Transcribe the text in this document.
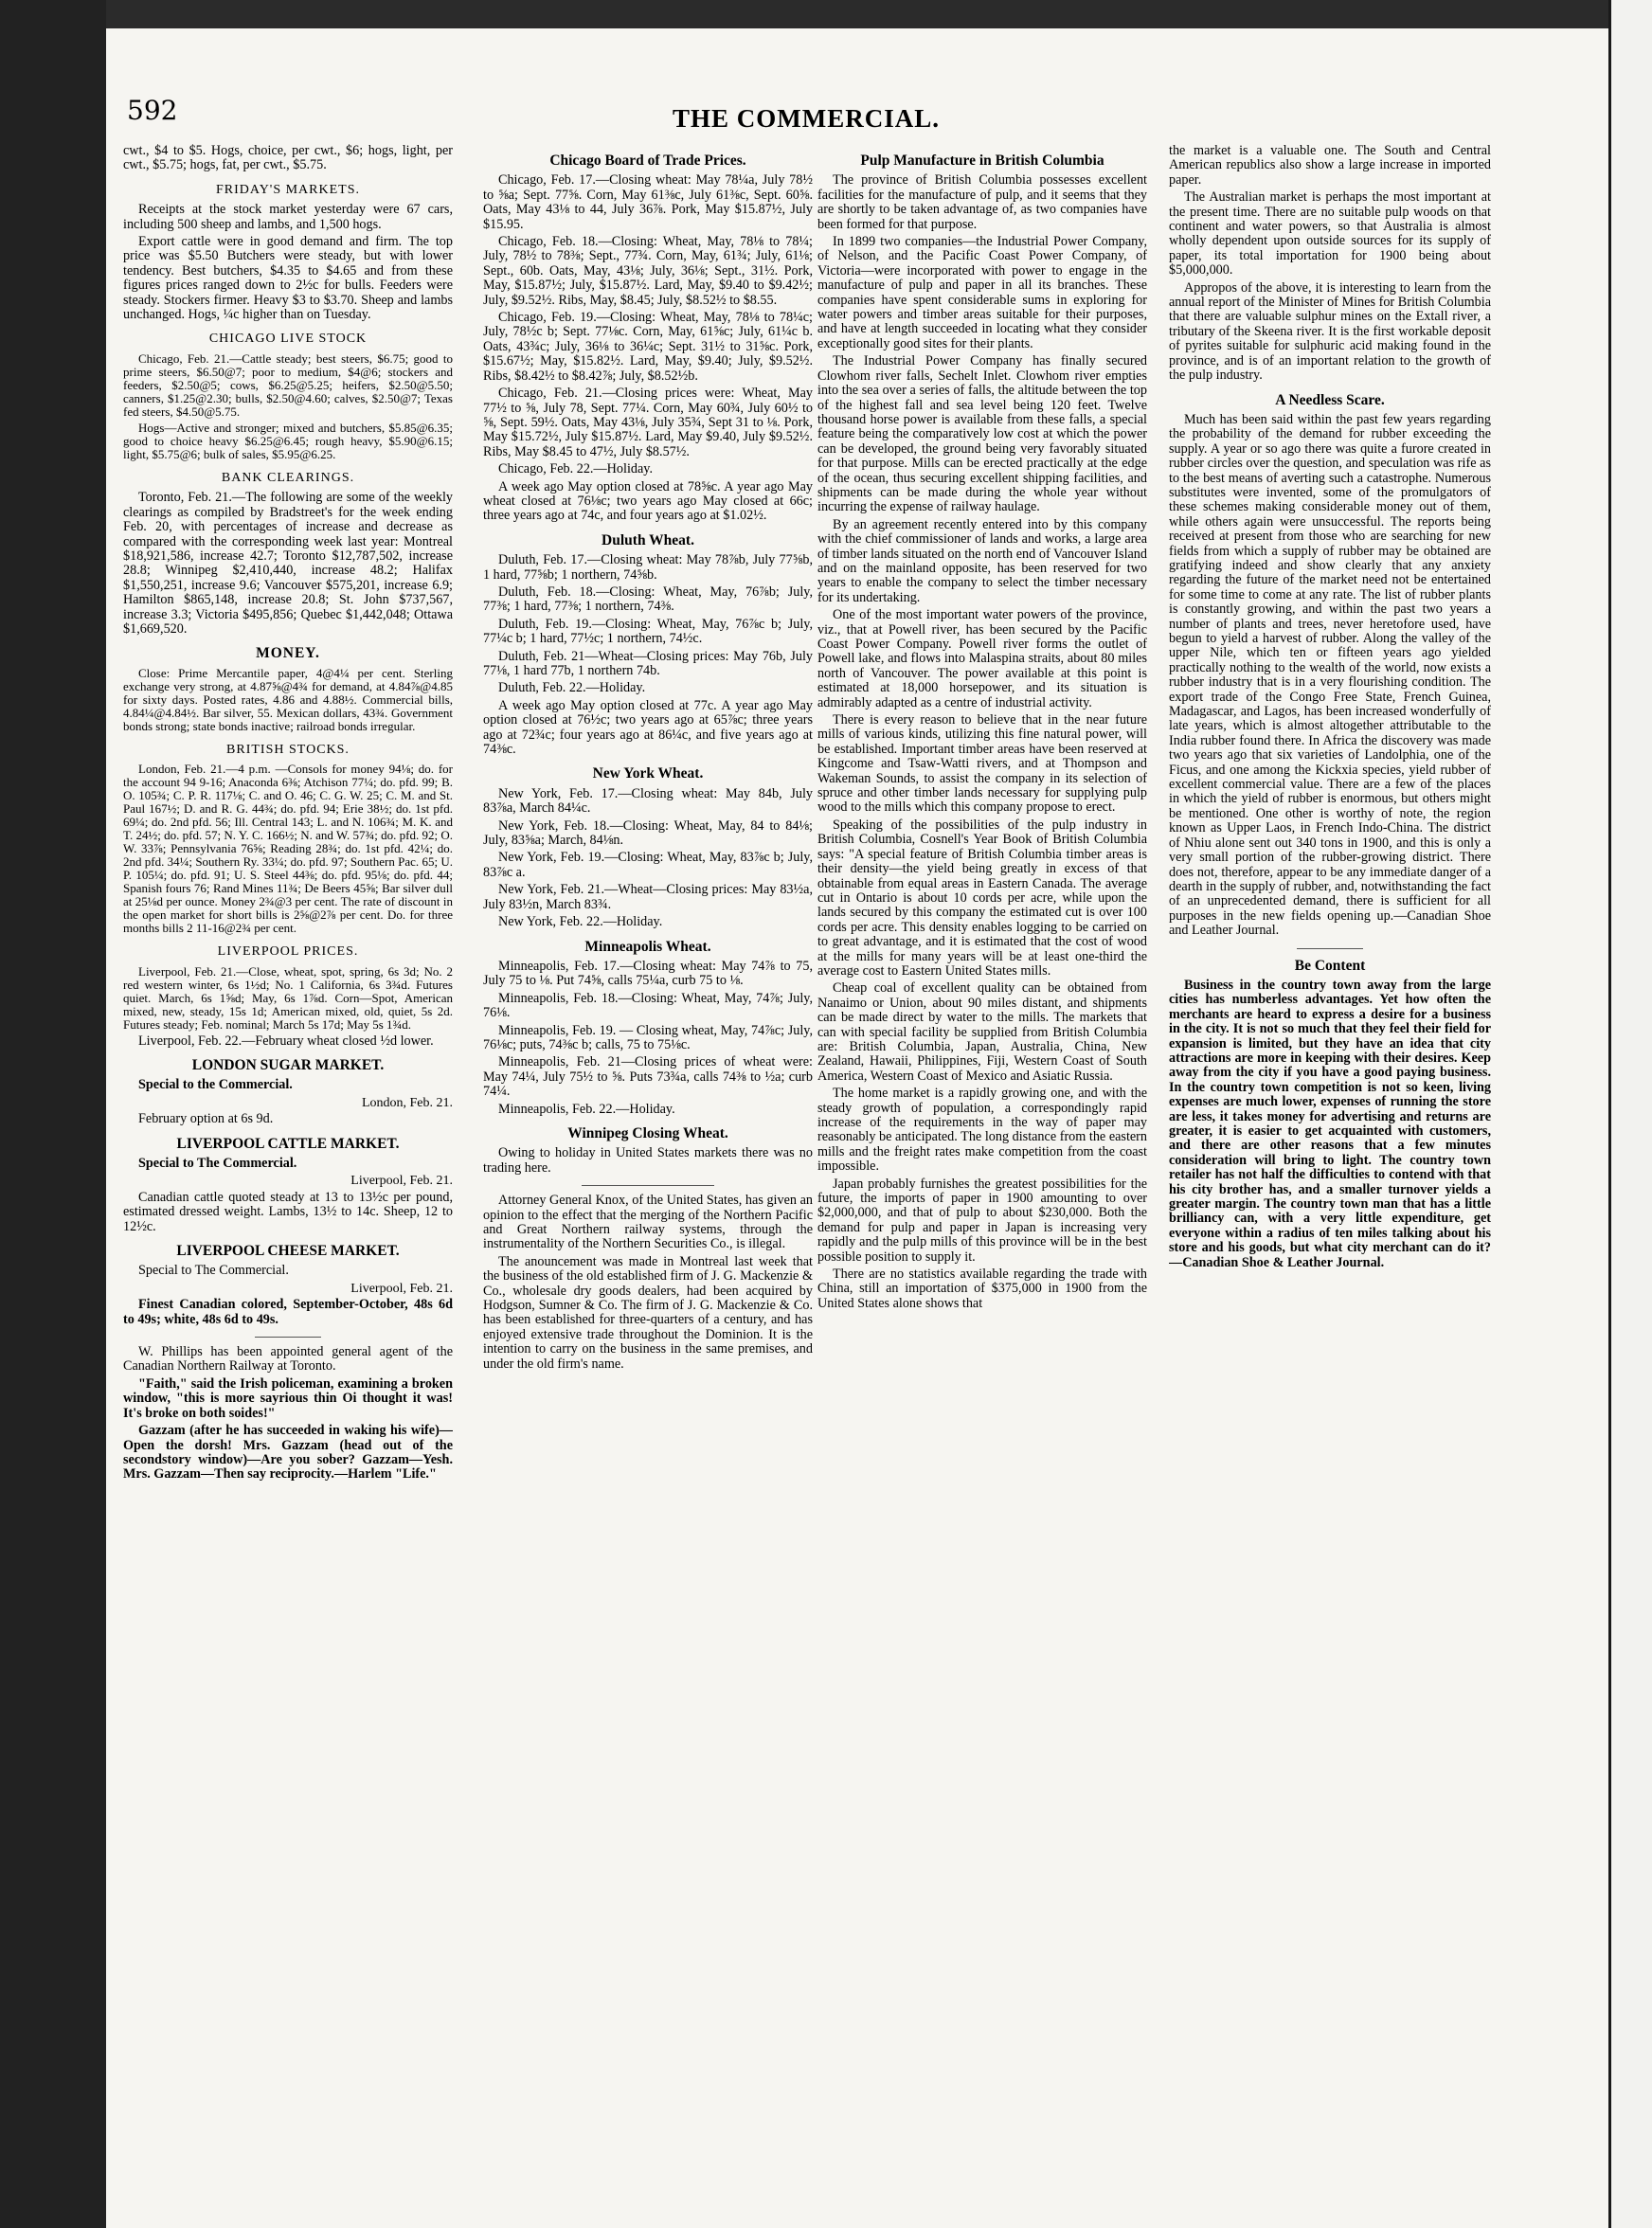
592	THE COMMERCIAL.

cwt., $4 to $5. Hogs, choice, per cwt., $6; hogs, light, per cwt., $5.75; hogs, fat, per cwt., $5.75.

FRIDAY'S MARKETS.

Receipts at the stock market yesterday were 67 cars, including 500 sheep and lambs, and 1,500 hogs.

Export cattle were in good demand and firm. The top price was $5.50 Butchers were steady, but with lower tendency. Best butchers, $4.35 to $4.65 and from these figures prices ranged down to 2½c for bulls. Feeders were steady. Stockers firmer. Heavy $3 to $3.70. Sheep and lambs unchanged. Hogs, ¼c higher than on Tuesday.

CHICAGO LIVE STOCK

Chicago, Feb. 21.—Cattle steady; best steers, $6.75; good to prime steers, $6.50@7; poor to medium, $4@6; stockers and feeders, $2.50@5; cows, $6.25@5.25; heifers, $2.50@5.50; canners, $1.25@2.30; bulls, $2.50@4.60; calves, $2.50@7; Texas fed steers, $4.50@5.75.

Hogs—Active and stronger; mixed and butchers, $5.85@6.35; good to choice heavy $6.25@6.45; rough heavy, $5.90@6.15; light, $5.75@6; bulk of sales, $5.95@6.25.

BANK CLEARINGS.

Toronto, Feb. 21.—The following are some of the weekly clearings as compiled by Bradstreet's for the week ending Feb. 20, with percentages of increase and decrease as compared with the corresponding week last year: Montreal $18,921,586, increase 42.7; Toronto $12,787,502, increase 28.8; Winnipeg $2,410,440, increase 48.2; Halifax $1,550,251, increase 9.6; Vancouver $575,201, increase 6.9; Hamilton $865,148, increase 20.8; St. John $737,567, increase 3.3; Victoria $495,856; Quebec $1,442,048; Ottawa $1,669,520.

MONEY.

Close: Prime Mercantile paper, 4@4¼ per cent. Sterling exchange very strong, at 4.87⅝@4¾ for demand, at 4.84⅞@4.85 for sixty days. Posted rates, 4.86 and 4.88½. Commercial bills, 4.84¼@4.84½. Bar silver, 55. Mexican dollars, 43¾. Government bonds strong; state bonds inactive; railroad bonds irregular.

BRITISH STOCKS.

London, Feb. 21.—4 p.m. —Consols for money 94⅛; do. for the account 94 9-16; Anaconda 6⅜; Atchison 77¼; do. pfd. 99; B. O. 105¾; C. P. R. 117⅛; C. and O. 46; C. G. W. 25; C. M. and St. Paul 167½; D. and R. G. 44¾; do. pfd. 94; Erie 38½; do. 1st pfd. 69¼; do. 2nd pfd. 56; Ill. Central 143; L. and N. 106¾; M. K. and T. 24½; do. pfd. 57; N. Y. C. 166½; N. and W. 57¾; do. pfd. 92; O. W. 33⅞; Pennsylvania 76⅝; Reading 28¾; do. 1st pfd. 42¼; do. 2nd pfd. 34¼; Southern Ry. 33¼; do. pfd. 97; Southern Pac. 65; U. P. 105¼; do. pfd. 91; U. S. Steel 44⅜; do. pfd. 95⅛; do. pfd. 44; Spanish fours 76; Rand Mines 11¾; De Beers 45⅝; Bar silver dull at 25⅛d per ounce. Money 2¾@3 per cent. The rate of discount in the open market for short bills is 2⅝@2⅞ per cent. Do. for three months bills 2 11-16@2¾ per cent.

LIVERPOOL PRICES.

Liverpool, Feb. 21.—Close, wheat, spot, spring, 6s 3d; No. 2 red western winter, 6s 1½d; No. 1 California, 6s 3¾d. Futures quiet. March, 6s 1⅝d; May, 6s 1⅞d. Corn—Spot, American mixed, new, steady, 15s 1d; American mixed, old, quiet, 5s 2d. Futures steady; Feb. nominal; March 5s 17d; May 5s 1¾d.

Liverpool, Feb. 22.—February wheat closed ½d lower.

LONDON SUGAR MARKET.
Special to the Commercial.
London, Feb. 21.

February option at 6s 9d.

LIVERPOOL CATTLE MARKET.
Special to The Commercial.
Liverpool, Feb. 21.

Canadian cattle quoted steady at 13 to 13½c per pound, estimated dressed weight. Lambs, 13½ to 14c. Sheep, 12 to 12½c.

LIVERPOOL CHEESE MARKET.
Special to The Commercial.
Liverpool, Feb. 21.

Finest Canadian colored, September-October, 48s 6d to 49s; white, 48s 6d to 49s.

W. Phillips has been appointed general agent of the Canadian Northern Railway at Toronto.

"Faith," said the Irish policeman, examining a broken window, "this is more sayrious thin Oi thought it was! It's broke on both soides!"

Gazzam (after he has succeeded in waking his wife)—Open the dorsh! Mrs. Gazzam (head out of the secondstory window)—Are you sober? Gazzam—Yesh. Mrs. Gazzam—Then say reciprocity.—Harlem "Life."

Chicago Board of Trade Prices.

Chicago, Feb. 17.—Closing wheat: May 78¼a, July 78½ to ⅝a; Sept. 77⅝. Corn, May 61⅜c, July 61⅜c, Sept. 60⅝. Oats, May 43⅛ to 44, July 36⅞. Pork, May $15.87½, July $15.95.

Chicago, Feb. 18.—Closing: Wheat, May, 78⅛ to 78¼; July, 78½ to 78⅜; Sept., 77¾. Corn, May, 61¾; July, 61⅛; Sept., 60b. Oats, May, 43⅛; July, 36⅛; Sept., 31½. Pork, May, $15.87½; July, $15.87½. Lard, May, $9.40 to $9.42½; July, $9.52½. Ribs, May, $8.45; July, $8.52½ to $8.55.

Chicago, Feb. 19.—Closing: Wheat, May, 78⅛ to 78¼c; July, 78½c b; Sept. 77⅛c. Corn, May, 61⅝c; July, 61¼c b. Oats, 43¾c; July, 36⅛ to 36¼c; Sept. 31½ to 31⅝c. Pork, $15.67½; May, $15.82½. Lard, May, $9.40; July, $9.52½. Ribs, $8.42½ to $8.42⅞; July, $8.52½b.

Chicago, Feb. 21.—Closing prices were: Wheat, May 77½ to ⅝, July 78, Sept. 77¼. Corn, May 60¾, July 60½ to ⅝, Sept. 59½. Oats, May 43⅛, July 35¾, Sept 31 to ⅛. Pork, May $15.72½, July $15.87½. Lard, May $9.40, July $9.52½. Ribs, May $8.45 to 47½, July $8.57½.

Chicago, Feb. 22.—Holiday.

A week ago May option closed at 78⅝c. A year ago May wheat closed at 76⅛c; two years ago May closed at 66c; three years ago at 74c, and four years ago at $1.02½.

Duluth Wheat.

Duluth, Feb. 17.—Closing wheat: May 78⅞b, July 77⅝b, 1 hard, 77⅝b; 1 northern, 74⅝b.

Duluth, Feb. 18.—Closing: Wheat, May, 76⅞b; July, 77⅜; 1 hard, 77⅜; 1 northern, 74⅜.

Duluth, Feb. 19.—Closing: Wheat, May, 76⅞c b; July, 77¼c b; 1 hard, 77½c; 1 northern, 74½c.

Duluth, Feb. 21—Wheat—Closing prices: May 76b, July 77⅛, 1 hard 77b, 1 northern 74b.

Duluth, Feb. 22.—Holiday.

A week ago May option closed at 77c. A year ago May option closed at 76½c; two years ago at 65⅞c; three years ago at 72¾c; four years ago at 86¼c, and five years ago at 74⅜c.

New York Wheat.

New York, Feb. 17.—Closing wheat: May 84b, July 83⅞a, March 84¼c.

New York, Feb. 18.—Closing: Wheat, May, 84 to 84⅛; July, 83⅝a; March, 84⅛n.

New York, Feb. 19.—Closing: Wheat, May, 83⅞c b; July, 83⅞c a.

New York, Feb. 21.—Wheat—Closing prices: May 83½a, July 83½n, March 83¾.

New York, Feb. 22.—Holiday.

Minneapolis Wheat.

Minneapolis, Feb. 17.—Closing wheat: May 74⅞ to 75, July 75 to ⅛. Put 74⅝, calls 75¼a, curb 75 to ⅛.

Minneapolis, Feb. 18.—Closing: Wheat, May, 74⅞; July, 76⅛.

Minneapolis, Feb. 19. — Closing wheat, May, 74⅞c; July, 76⅛c; puts, 74⅜c b; calls, 75 to 75⅛c.

Minneapolis, Feb. 21—Closing prices of wheat were: May 74¼, July 75½ to ⅝. Puts 73¾a, calls 74⅜ to ½a; curb 74¼.

Minneapolis, Feb. 22.—Holiday.

Winnipeg Closing Wheat.

Owing to holiday in United States markets there was no trading here.

Attorney General Knox, of the United States, has given an opinion to the effect that the merging of the Northern Pacific and Great Northern railway systems, through the instrumentality of the Northern Securities Co., is illegal.

The anouncement was made in Montreal last week that the business of the old established firm of J. G. Mackenzie & Co., wholesale dry goods dealers, had been acquired by Hodgson, Sumner & Co. The firm of J. G. Mackenzie & Co. has been established for three-quarters of a century, and has enjoyed extensive trade throughout the Dominion. It is the intention to carry on the business in the same premises, and under the old firm's name.

Pulp Manufacture in British Columbia

The province of British Columbia possesses excellent facilities for the manufacture of pulp, and it seems that they are shortly to be taken advantage of, as two companies have been formed for that purpose.

In 1899 two companies—the Industrial Power Company, of Nelson, and the Pacific Coast Power Company, of Victoria—were incorporated with power to engage in the manufacture of pulp and paper in all its branches. These companies have spent considerable sums in exploring for water powers and timber areas suitable for their purposes, and have at length succeeded in locating what they consider exceptionally good sites for their plants.

The Industrial Power Company has finally secured Clowhom river falls, Sechelt Inlet. Clowhom river empties into the sea over a series of falls, the altitude between the top of the highest fall and sea level being 120 feet. Twelve thousand horse power is available from these falls, a special feature being the comparatively low cost at which the power can be developed, the ground being very favorably situated for that purpose. Mills can be erected practically at the edge of the ocean, thus securing excellent shipping facilities, and shipments can be made during the whole year without incurring the expense of railway haulage.

By an agreement recently entered into by this company with the chief commissioner of lands and works, a large area of timber lands situated on the north end of Vancouver Island and on the mainland opposite, has been reserved for two years to enable the company to select the timber necessary for its undertaking.

One of the most important water powers of the province, viz., that at Powell river, has been secured by the Pacific Coast Power Company. Powell river forms the outlet of Powell lake, and flows into Malaspina straits, about 80 miles north of Vancouver. The power available at this point is estimated at 18,000 horsepower, and its situation is admirably adapted as a centre of industrial activity.

There is every reason to believe that in the near future mills of various kinds, utilizing this fine natural power, will be established. Important timber areas have been reserved at Kingcome and Tsaw-Watti rivers, and at Thompson and Wakeman Sounds, to assist the company in its selection of spruce and other timber lands necessary for supplying pulp wood to the mills which this company propose to erect.

Speaking of the possibilities of the pulp industry in British Columbia, Cosnell's Year Book of British Columbia says: "A special feature of British Columbia timber areas is their density—the yield being greatly in excess of that obtainable from equal areas in Eastern Canada. The average cut in Ontario is about 10 cords per acre, while upon the lands secured by this company the estimated cut is over 100 cords per acre. This density enables logging to be carried on to great advantage, and it is estimated that the cost of wood at the mills for many years will be at least one-third the average cost to Eastern United States mills.

Cheap coal of excellent quality can be obtained from Nanaimo or Union, about 90 miles distant, and shipments can be made direct by water to the mills. The markets that can with special facility be supplied from British Columbia are: British Columbia, Japan, Australia, China, New Zealand, Hawaii, Philippines, Fiji, Western Coast of South America, Western Coast of Mexico and Asiatic Russia.

The home market is a rapidly growing one, and with the steady growth of population, a correspondingly rapid increase of the requirements in the way of paper may reasonably be anticipated. The long distance from the eastern mills and the freight rates make competition from the coast impossible.

Japan probably furnishes the greatest possibilities for the future, the imports of paper in 1900 amounting to over $2,000,000, and that of pulp to about $230,000. Both the demand for pulp and paper in Japan is increasing very rapidly and the pulp mills of this province will be in the best possible position to supply it.

There are no statistics available regarding the trade with China, still an importation of $375,000 in 1900 from the United States alone shows that

the market is a valuable one. The South and Central American republics also show a large increase in imported paper.

The Australian market is perhaps the most important at the present time. There are no suitable pulp woods on that continent and water powers, so that Australia is almost wholly dependent upon outside sources for its supply of paper, its total importation for 1900 being about $5,000,000.

Appropos of the above, it is interesting to learn from the annual report of the Minister of Mines for British Columbia that there are valuable sulphur mines on the Extall river, a tributary of the Skeena river. It is the first workable deposit of pyrites suitable for sulphuric acid making found in the province, and is of an important relation to the growth of the pulp industry.

A Needless Scare.

Much has been said within the past few years regarding the probability of the demand for rubber exceeding the supply. A year or so ago there was quite a furore created in rubber circles over the question, and speculation was rife as to the best means of averting such a catastrophe. Numerous substitutes were invented, some of the promulgators of these schemes making considerable money out of them, while others again were unsuccessful. The reports being received at present from those who are searching for new fields from which a supply of rubber may be obtained are gratifying indeed and show clearly that any anxiety regarding the future of the market need not be entertained for some time to come at any rate. The list of rubber plants is constantly growing, and within the past two years a number of plants and trees, never heretofore used, have begun to yield a harvest of rubber. Along the valley of the upper Nile, which ten or fifteen years ago yielded practically nothing to the wealth of the world, now exists a rubber industry that is in a very flourishing condition. The export trade of the Congo Free State, French Guinea, Madagascar, and Lagos, has been increased wonderfully of late years, which is almost altogether attributable to the India rubber found there. In Africa the discovery was made two years ago that six varieties of Landolphia, one of the Ficus, and one among the Kickxia species, yield rubber of excellent commercial value. There are a few of the places in which the yield of rubber is enormous, but others might be mentioned. One other is worthy of note, the region known as Upper Laos, in French Indo-China. The district of Nhiu alone sent out 340 tons in 1900, and this is only a very small portion of the rubber-growing district. There does not, therefore, appear to be any immediate danger of a dearth in the supply of rubber, and, notwithstanding the fact of an unprecedented demand, there is sufficient for all purposes in the new fields opening up.—Canadian Shoe and Leather Journal.

Be Content

Business in the country town away from the large cities has numberless advantages. Yet how often the merchants are heard to express a desire for a business in the city. It is not so much that they feel their field for expansion is limited, but they have an idea that city attractions are more in keeping with their desires. Keep away from the city if you have a good paying business. In the country town competition is not so keen, living expenses are much lower, expenses of running the store are less, it takes money for advertising and returns are greater, it is easier to get acquainted with customers, and there are other reasons that a few minutes consideration will bring to light. The country town retailer has not half the difficulties to contend with that his city brother has, and a smaller turnover yields a greater margin. The country town man that has a little brilliancy can, with a very little expenditure, get everyone within a radius of ten miles talking about his store and his goods, but what city merchant can do it?—Canadian Shoe & Leather Journal.
